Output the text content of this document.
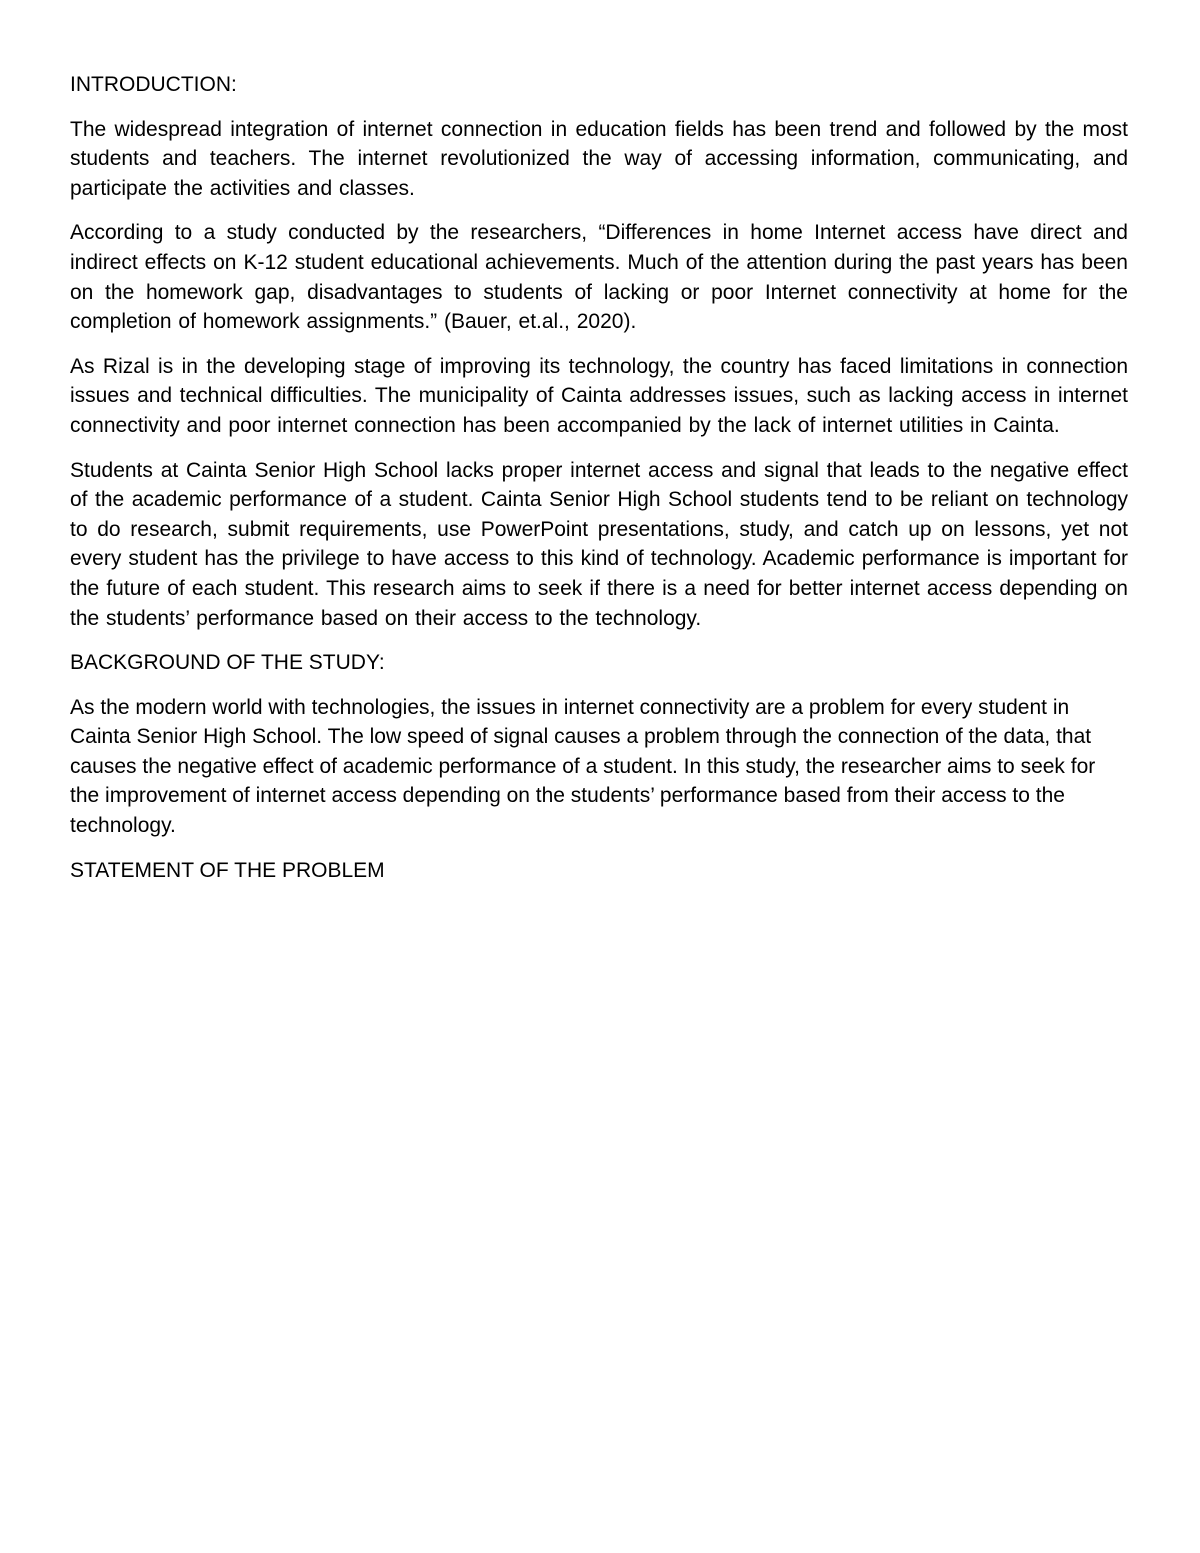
INTRODUCTION:

The widespread integration of internet connection in education fields has been trend and followed by the most students and teachers. The internet revolutionized the way of accessing information, communicating, and participate the activities and classes.

According to a study conducted by the researchers, “Differences in home Internet access have direct and indirect effects on K-12 student educational achievements. Much of the attention during the past years has been on the homework gap, disadvantages to students of lacking or poor Internet connectivity at home for the completion of homework assignments.” (Bauer, et.al., 2020).

As Rizal is in the developing stage of improving its technology, the country has faced limitations in connection issues and technical difficulties. The municipality of Cainta addresses issues, such as lacking access in internet connectivity and poor internet connection has been accompanied by the lack of internet utilities in Cainta.

Students at Cainta Senior High School lacks proper internet access and signal that leads to the negative effect of the academic performance of a student. Cainta Senior High School students tend to be reliant on technology to do research, submit requirements, use PowerPoint presentations, study, and catch up on lessons, yet not every student has the privilege to have access to this kind of technology. Academic performance is important for the future of each student. This research aims to seek if there is a need for better internet access depending on the students’ performance based on their access to the technology.

BACKGROUND OF THE STUDY:

As the modern world with technologies, the issues in internet connectivity are a problem for every student in Cainta Senior High School. The low speed of signal causes a problem through the connection of the data, that causes the negative effect of academic performance of a student. In this study, the researcher aims to seek for the improvement of internet access depending on the students’ performance based from their access to the technology.

STATEMENT OF THE PROBLEM
